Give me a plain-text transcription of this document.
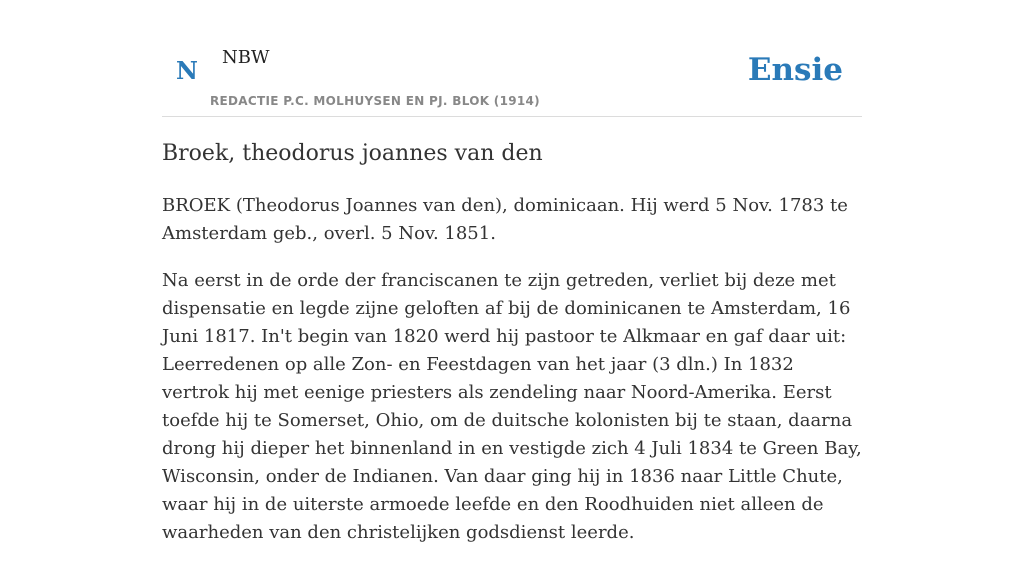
N NBW
REDACTIE P.C. MOLHUYSEN EN PJ. BLOK (1914)
Ensie
Broek, theodorus joannes van den

BROEK (Theodorus Joannes van den), dominicaan. Hij werd 5 Nov. 1783 te Amsterdam geb., overl. 5 Nov. 1851.

Na eerst in de orde der franciscanen te zijn getreden, verliet bij deze met dispensatie en legde zijne geloften af bij de dominicanen te Amsterdam, 16 Juni 1817. In't begin van 1820 werd hij pastoor te Alkmaar en gaf daar uit: Leerredenen op alle Zon- en Feestdagen van het jaar (3 dln.) In 1832 vertrok hij met eenige priesters als zendeling naar Noord-Amerika. Eerst toefde hij te Somerset, Ohio, om de duitsche kolonisten bij te staan, daarna drong hij dieper het binnenland in en vestigde zich 4 Juli 1834 te Green Bay, Wisconsin, onder de Indianen. Van daar ging hij in 1836 naar Little Chute, waar hij in de uiterste armoede leefde en den Roodhuiden niet alleen de waarheden van den christelijken godsdienst leerde.
